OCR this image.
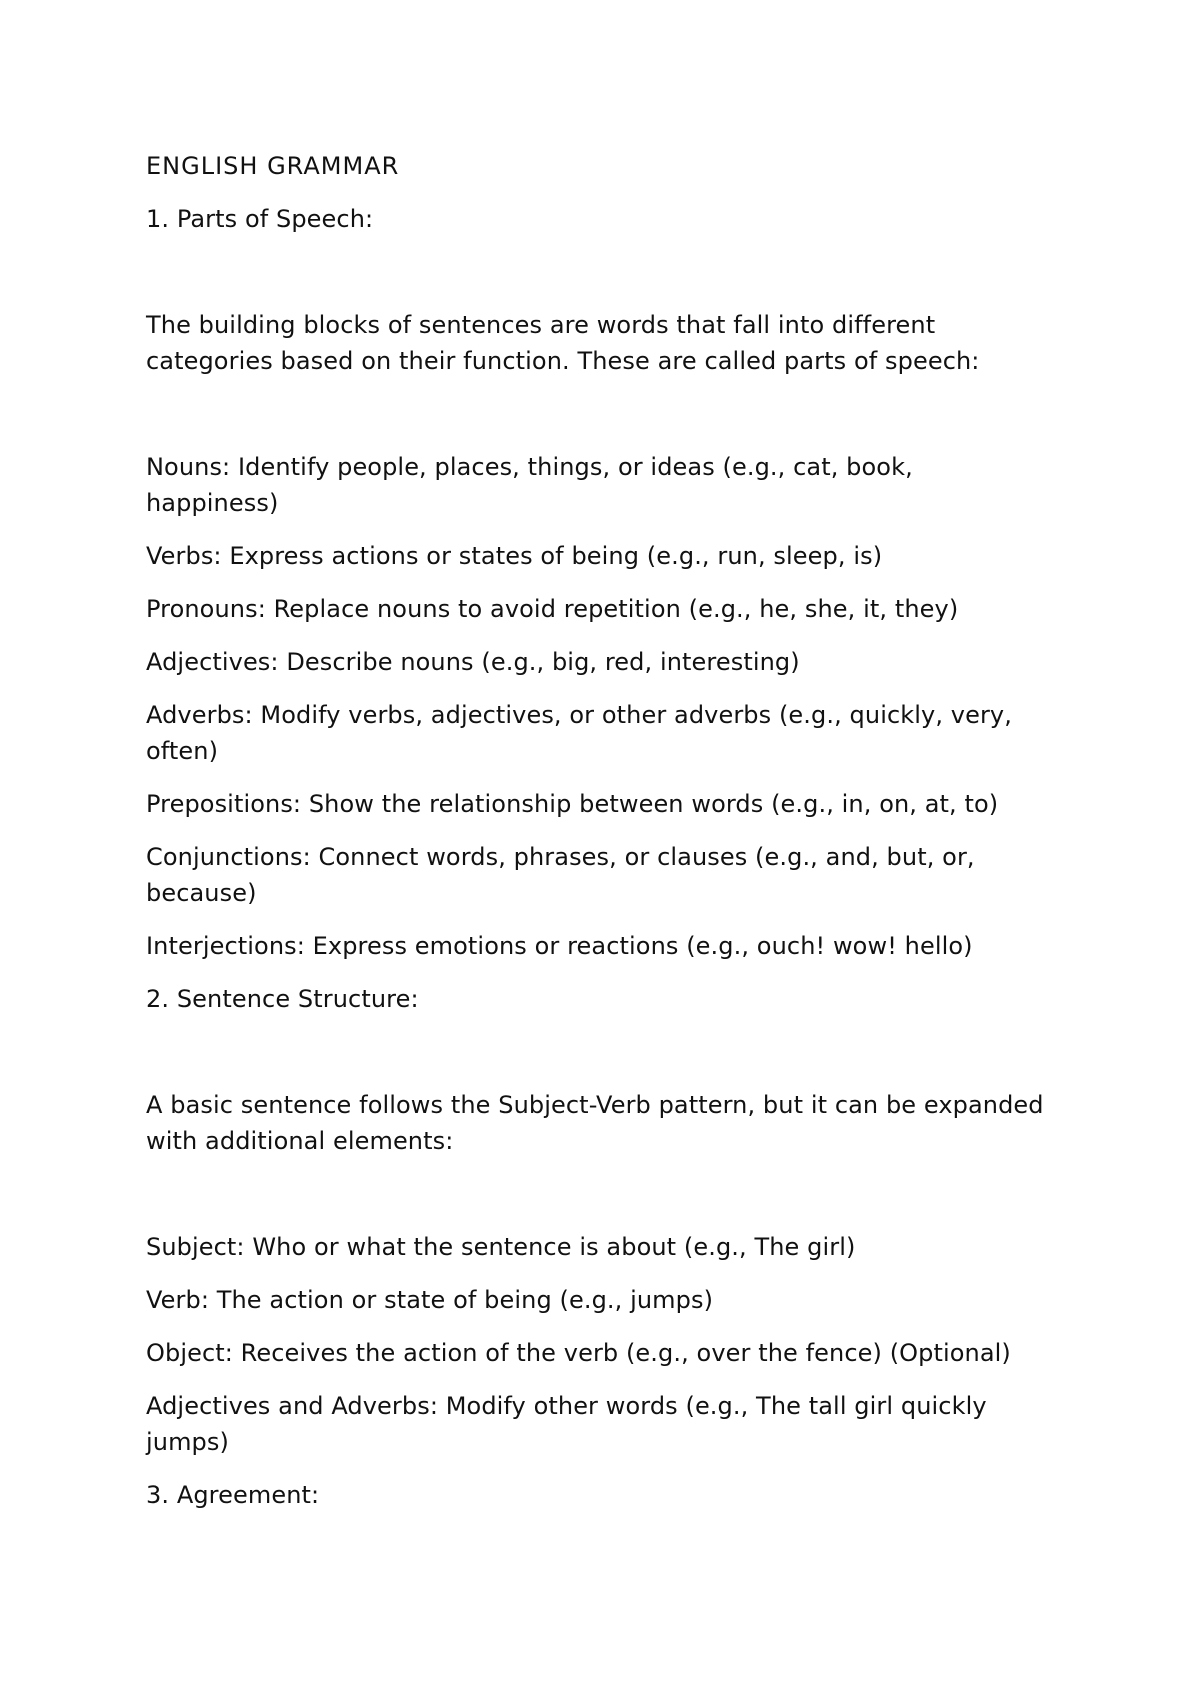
ENGLISH GRAMMAR

1. Parts of Speech:

The building blocks of sentences are words that fall into different categories based on their function. These are called parts of speech:

Nouns: Identify people, places, things, or ideas (e.g., cat, book, happiness)

Verbs: Express actions or states of being (e.g., run, sleep, is)

Pronouns: Replace nouns to avoid repetition (e.g., he, she, it, they)

Adjectives: Describe nouns (e.g., big, red, interesting)

Adverbs: Modify verbs, adjectives, or other adverbs (e.g., quickly, very, often)

Prepositions: Show the relationship between words (e.g., in, on, at, to)

Conjunctions: Connect words, phrases, or clauses (e.g., and, but, or, because)

Interjections: Express emotions or reactions (e.g., ouch! wow! hello)

2. Sentence Structure:

A basic sentence follows the Subject-Verb pattern, but it can be expanded with additional elements:

Subject: Who or what the sentence is about (e.g., The girl)

Verb: The action or state of being (e.g., jumps)

Object: Receives the action of the verb (e.g., over the fence) (Optional)

Adjectives and Adverbs: Modify other words (e.g., The tall girl quickly jumps)

3. Agreement:
